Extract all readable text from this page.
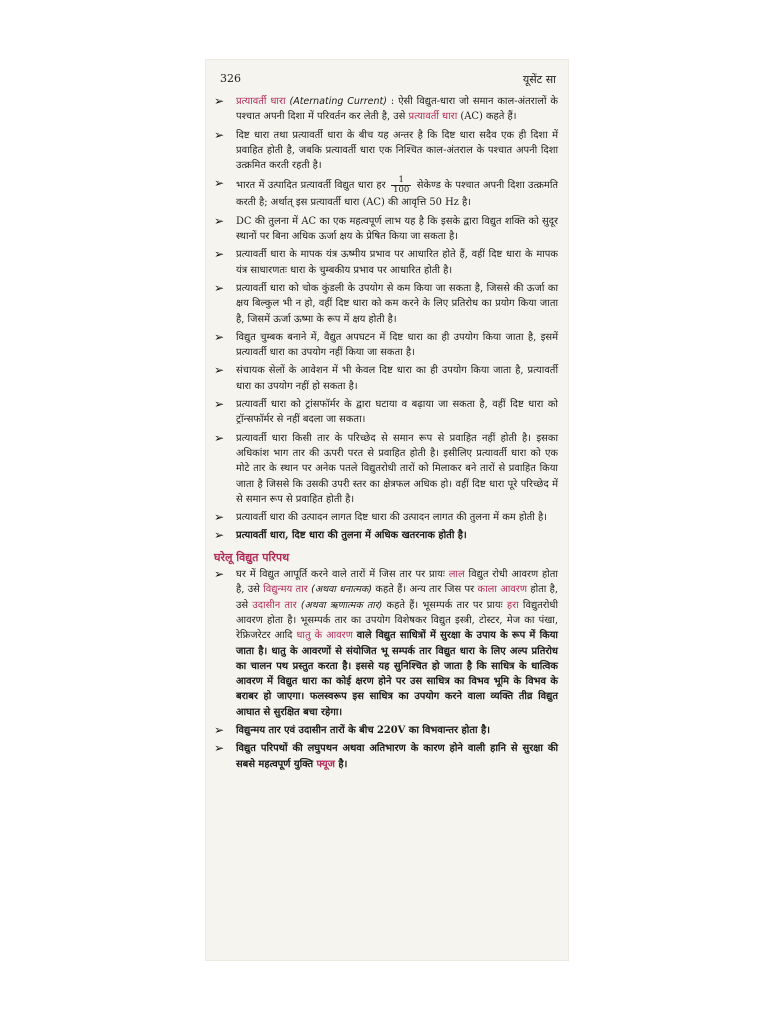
326	यूसेंट सा
➢	प्रत्यावर्ती धारा (Aternating Current) : ऐसी विद्युत-धारा जो समान काल-अंतरालों के पश्चात अपनी दिशा में परिवर्तन कर लेती है, उसे प्रत्यावर्ती धारा (AC) कहते हैं।
➢	दिष्ट धारा तथा प्रत्यावर्ती धारा के बीच यह अन्तर है कि दिष्ट धारा सदैव एक ही दिशा में प्रवाहित होती है, जबकि प्रत्यावर्ती धारा एक निश्चित काल-अंतराल के पश्चात अपनी दिशा उत्क्रमित करती रहती है।
➢	भारत में उत्पादित प्रत्यावर्ती विद्युत धारा हर $\frac{1}{100}$ सेकेण्ड के पश्चात अपनी दिशा उत्क्रमति करती है; अर्थात् इस प्रत्यावर्ती धारा (AC) की आवृत्ति 50 Hz है।
➢	DC की तुलना में AC का एक महत्वपूर्ण लाभ यह है कि इसके द्वारा विद्युत शक्ति को सुदूर स्थानों पर बिना अधिक ऊर्जा क्षय के प्रेषित किया जा सकता है।
➢	प्रत्यावर्ती धारा के मापक यंत्र ऊष्मीय प्रभाव पर आधारित होते हैं, वहीं दिष्ट धारा के मापक यंत्र साधारणतः धारा के चुम्बकीय प्रभाव पर आधारित होती है।
➢	प्रत्यावर्ती धारा को चोक कुंडली के उपयोग से कम किया जा सकता है, जिससे की ऊर्जा का क्षय बिल्कुल भी न हो, वहीं दिष्ट धारा को कम करने के लिए प्रतिरोध का प्रयोग किया जाता है, जिसमें ऊर्जा ऊष्मा के रूप में क्षय होती है।
➢	विद्युत चुम्बक बनाने में, वैद्युत अपघटन में दिष्ट धारा का ही उपयोग किया जाता है, इसमें प्रत्यावर्ती धारा का उपयोग नहीं किया जा सकता है।
➢	संचायक सेलों के आवेशन में भी केवल दिष्ट धारा का ही उपयोग किया जाता है, प्रत्यावर्ती धारा का उपयोग नहीं हो सकता है।
➢	प्रत्यावर्ती धारा को ट्रांसफॉर्मर के द्वारा घटाया व बढ़ाया जा सकता है, वहीं दिष्ट धारा को ट्रॉन्सफॉर्मर से नहीं बदला जा सकता।
➢	प्रत्यावर्ती धारा किसी तार के परिच्छेद से समान रूप से प्रवाहित नहीं होती है। इसका अधिकांश भाग तार की ऊपरी परत से प्रवाहित होती है। इसीलिए प्रत्यावर्ती धारा को एक मोटे तार के स्थान पर अनेक पतले विद्युतरोधी तारों को मिलाकर बने तारों से प्रवाहित किया जाता है जिससे कि उसकी उपरी स्तर का क्षेत्रफल अधिक हो। वहीं दिष्ट धारा पूरे परिच्छेद में से समान रूप से प्रवाहित होती है।
➢	प्रत्यावर्ती धारा की उत्पादन लागत दिष्ट धारा की उत्पादन लागत की तुलना में कम होती है।
➢	प्रत्यावर्ती धारा, दिष्ट धारा की तुलना में अधिक खतरनाक होती है।
घरेलू विद्युत परिपथ
➢	घर में विद्युत आपूर्ति करने वाले तारों में जिस तार पर प्रायः लाल विद्युत रोधी आवरण होता है, उसे विद्युन्मय तार (अथवा धनात्मक) कहते हैं। अन्य तार जिस पर काला आवरण होता है, उसे उदासीन तार (अथवा ऋणात्मक तार) कहते हैं। भूसम्पर्क तार पर प्रायः हरा विद्युतरोधी आवरण होता है। भूसम्पर्क तार का उपयोग विशेषकर विद्युत इस्त्री, टोस्टर, मेज का पंखा, रेफ्रिजरेटर आदि धातु के आवरण वाले विद्युत साधित्रों में सुरक्षा के उपाय के रूप में किया जाता है। धातु के आवरणों से संयोजित भू सम्पर्क तार विद्युत धारा के लिए अल्प प्रतिरोध का चालन पथ प्रस्तुत करता है। इससे यह सुनिश्चित हो जाता है कि साधित्र के धात्विक आवरण में विद्युत धारा का कोई क्षरण होने पर उस साधित्र का विभव भूमि के विभव के बराबर हो जाएगा। फलस्वरूप इस साधित्र का उपयोग करने वाला व्यक्ति तीव्र विद्युत आघात से सुरक्षित बचा रहेगा।
➢	विद्युन्मय तार एवं उदासीन तारों के बीच 220V का विभवान्तर होता है।
➢	विद्युत परिपथों की लघुपथन अथवा अतिभारण के कारण होने वाली हानि से सुरक्षा की सबसे महत्वपूर्ण युक्ति फ्यूज है।
